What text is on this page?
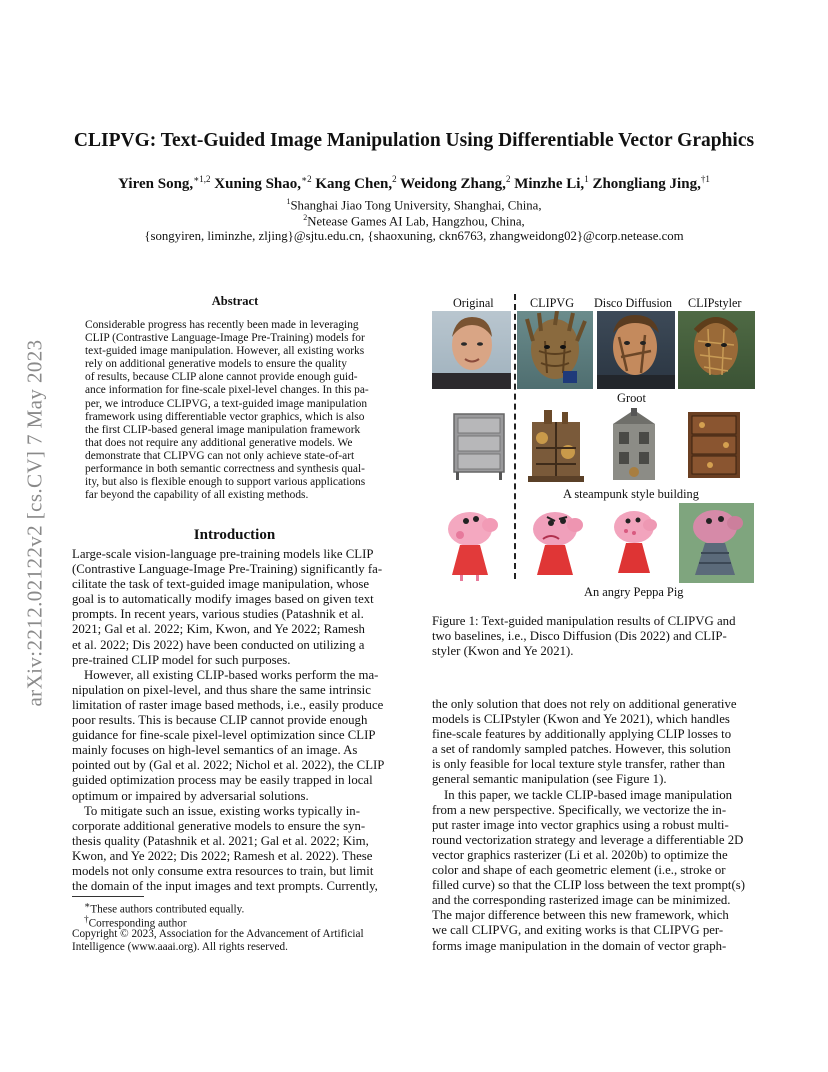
CLIPVG: Text-Guided Image Manipulation Using Differentiable Vector Graphics
Yiren Song,$^{∗1,2}$ Xuning Shao,$^{∗2}$ Kang Chen,$^2$ Weidong Zhang,$^2$ Minzhe Li,$^1$ Zhongliang Jing,$^{\dagger 1}$
$^1$Shanghai Jiao Tong University, Shanghai, China,
$^2$Netease Games AI Lab, Hangzhou, China,
{songyiren, liminzhe, zljing}@sjtu.edu.cn, {shaoxuning, ckn6763, zhangweidong02}@corp.netease.com
arXiv:2212.02122v2 [cs.CV] 7 May 2023
Abstract
Considerable progress has recently been made in leveraging
CLIP (Contrastive Language-Image Pre-Training) models for
text-guided image manipulation. However, all existing works
rely on additional generative models to ensure the quality
of results, because CLIP alone cannot provide enough guid-
ance information for fine-scale pixel-level changes. In this pa-
per, we introduce CLIPVG, a text-guided image manipulation
framework using differentiable vector graphics, which is also
the first CLIP-based general image manipulation framework
that does not require any additional generative models. We
demonstrate that CLIPVG can not only achieve state-of-art
performance in both semantic correctness and synthesis qual-
ity, but also is flexible enough to support various applications
far beyond the capability of all existing methods.
Introduction
Large-scale vision-language pre-training models like CLIP
(Contrastive Language-Image Pre-Training) significantly fa-
cilitate the task of text-guided image manipulation, whose
goal is to automatically modify images based on given text
prompts. In recent years, various studies (Patashnik et al.
2021; Gal et al. 2022; Kim, Kwon, and Ye 2022; Ramesh
et al. 2022; Dis 2022) have been conducted on utilizing a
pre-trained CLIP model for such purposes.
However, all existing CLIP-based works perform the ma-
nipulation on pixel-level, and thus share the same intrinsic
limitation of raster image based methods, i.e., easily produce
poor results. This is because CLIP cannot provide enough
guidance for fine-scale pixel-level optimization since CLIP
mainly focuses on high-level semantics of an image. As
pointed out by (Gal et al. 2022; Nichol et al. 2022), the CLIP
guided optimization process may be easily trapped in local
optimum or impaired by adversarial solutions.
To mitigate such an issue, existing works typically in-
corporate additional generative models to ensure the syn-
thesis quality (Patashnik et al. 2021; Gal et al. 2022; Kim,
Kwon, and Ye 2022; Dis 2022; Ramesh et al. 2022). These
models not only consume extra resources to train, but limit
the domain of the input images and text prompts. Currently,
∗These authors contributed equally.
†Corresponding author
Copyright © 2023, Association for the Advancement of Artificial
Intelligence (www.aaai.org). All rights reserved.
Original	CLIPVG Disco Diffusion CLIPstyler
Groot
A steampunk style building
An angry Peppa Pig
Figure 1: Text-guided manipulation results of CLIPVG and
two baselines, i.e., Disco Diffusion (Dis 2022) and CLIP-
styler (Kwon and Ye 2021).
the only solution that does not rely on additional generative
models is CLIPstyler (Kwon and Ye 2021), which handles
fine-scale features by additionally applying CLIP losses to
a set of randomly sampled patches. However, this solution
is only feasible for local texture style transfer, rather than
general semantic manipulation (see Figure 1).
In this paper, we tackle CLIP-based image manipulation
from a new perspective. Specifically, we vectorize the in-
put raster image into vector graphics using a robust multi-
round vectorization strategy and leverage a differentiable 2D
vector graphics rasterizer (Li et al. 2020b) to optimize the
color and shape of each geometric element (i.e., stroke or
filled curve) so that the CLIP loss between the text prompt(s)
and the corresponding rasterized image can be minimized.
The major difference between this new framework, which
we call CLIPVG, and exiting works is that CLIPVG per-
forms image manipulation in the domain of vector graph-
